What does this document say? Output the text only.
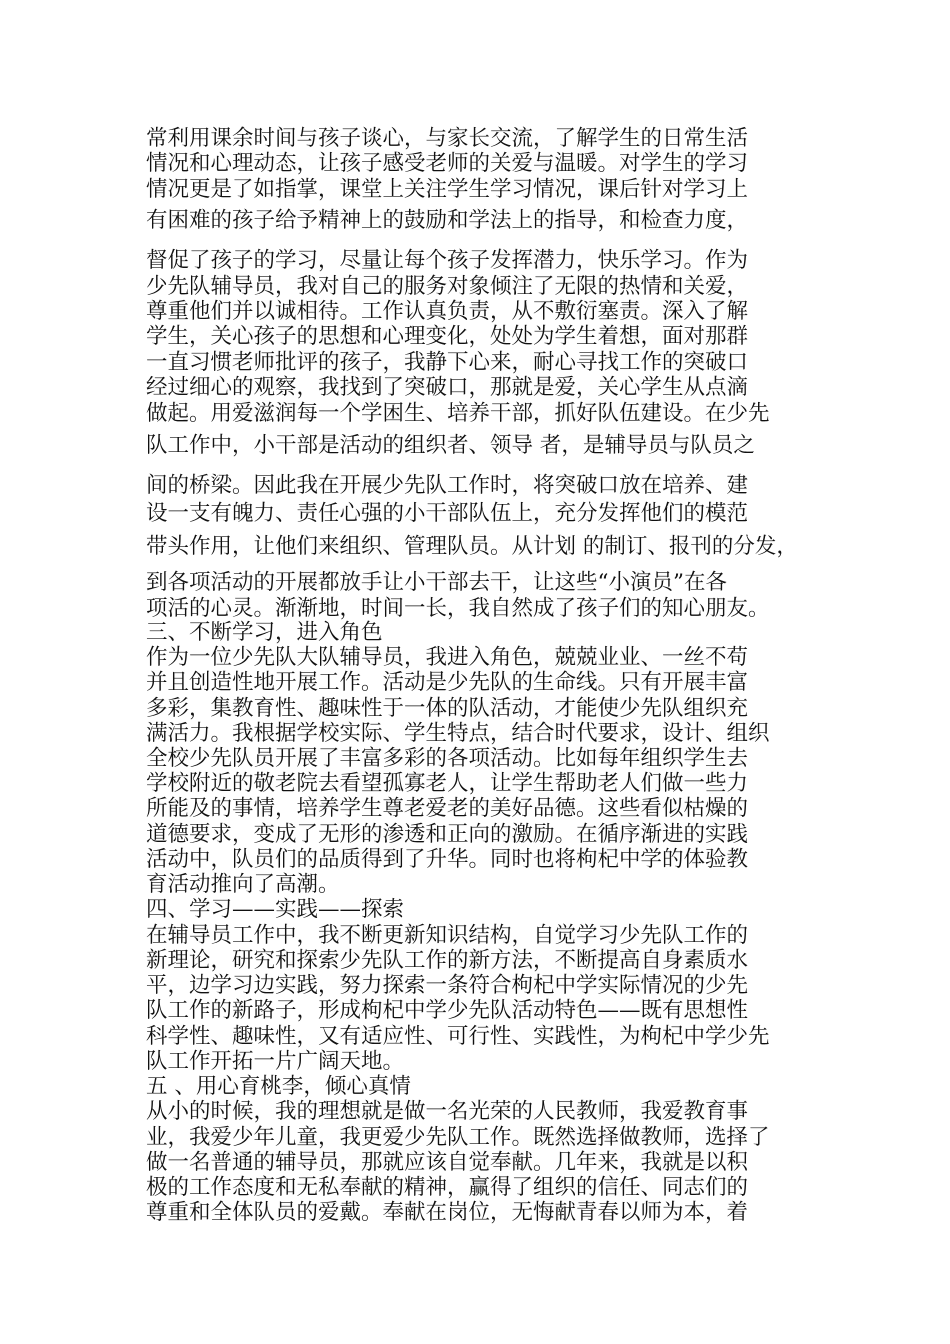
常利用课余时间与孩子谈心，与家长交流，了解学生的日常生活
情况和心理动态，让孩子感受老师的关爱与温暖。对学生的学习
情况更是了如指掌，课堂上关注学生学习情况，课后针对学习上
有困难的孩子给予精神上的鼓励和学法上的指导，和检查力度，
督促了孩子的学习，尽量让每个孩子发挥潜力，快乐学习。作为
少先队辅导员，我对自己的服务对象倾注了无限的热情和关爱，
尊重他们并以诚相待。工作认真负责，从不敷衍塞责。深入了解
学生，关心孩子的思想和心理变化，处处为学生着想，面对那群
一直习惯老师批评的孩子，我静下心来，耐心寻找工作的突破口
经过细心的观察，我找到了突破口，那就是爱，关心学生从点滴
做起。用爱滋润每一个学困生、培养干部，抓好队伍建设。在少先
队工作中，小干部是活动的组织者、领导 者，是辅导员与队员之
间的桥梁。因此我在开展少先队工作时，将突破口放在培养、建
设一支有魄力、责任心强的小干部队伍上，充分发挥他们的模范
带头作用，让他们来组织、管理队员。从计划 的制订、报刊的分发，
到各项活动的开展都放手让小干部去干，让这些“小演员”在各
项活的心灵。渐渐地，时间一长，我自然成了孩子们的知心朋友。
三、不断学习，进入角色
作为一位少先队大队辅导员，我进入角色，兢兢业业、一丝不苟
并且创造性地开展工作。活动是少先队的生命线。只有开展丰富
多彩，集教育性、趣味性于一体的队活动，才能使少先队组织充
满活力。我根据学校实际、学生特点，结合时代要求，设计、组织
全校少先队员开展了丰富多彩的各项活动。比如每年组织学生去
学校附近的敬老院去看望孤寡老人，让学生帮助老人们做一些力
所能及的事情，培养学生尊老爱老的美好品德。这些看似枯燥的
道德要求，变成了无形的渗透和正向的激励。在循序渐进的实践
活动中，队员们的品质得到了升华。同时也将枸杞中学的体验教
育活动推向了高潮。
四、学习——实践——探索
在辅导员工作中，我不断更新知识结构，自觉学习少先队工作的
新理论，研究和探索少先队工作的新方法，不断提高自身素质水
平，边学习边实践，努力探索一条符合枸杞中学实际情况的少先
队工作的新路子，形成枸杞中学少先队活动特色——既有思想性
科学性、趣味性，又有适应性、可行性、实践性，为枸杞中学少先
队工作开拓一片广阔天地。
五 、用心育桃李，倾心真情
从小的时候，我的理想就是做一名光荣的人民教师，我爱教育事
业，我爱少年儿童，我更爱少先队工作。既然选择做教师，选择了
做一名普通的辅导员，那就应该自觉奉献。几年来，我就是以积
极的工作态度和无私奉献的精神，赢得了组织的信任、同志们的
尊重和全体队员的爱戴。奉献在岗位，无悔献青春以师为本，着
